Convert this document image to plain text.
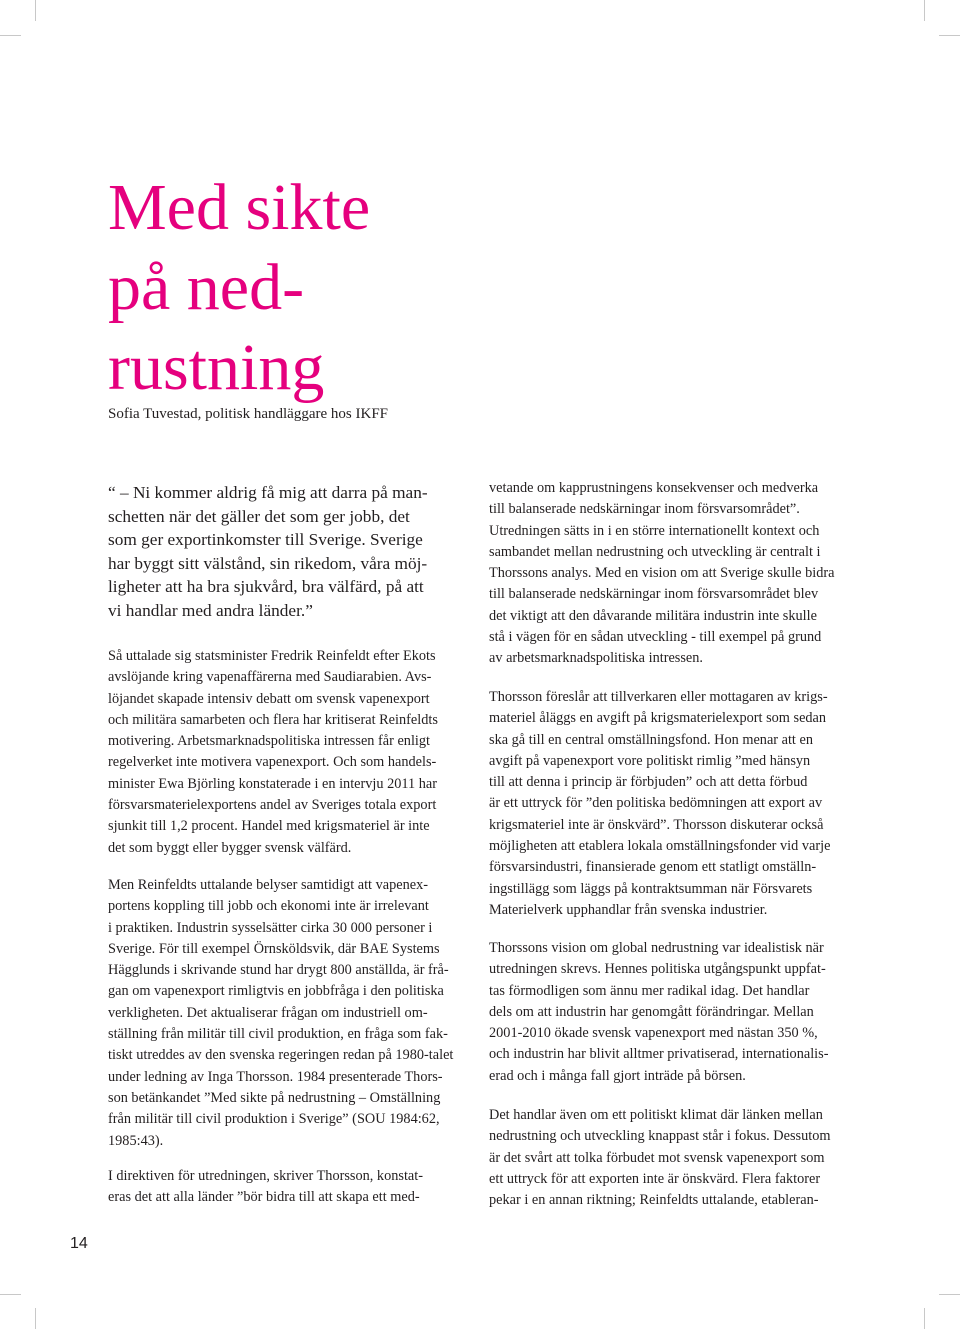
Med sikte
på ned-
rustning
Sofia Tuvestad, politisk handläggare hos IKFF
“ – Ni kommer aldrig få mig att darra på man-
schetten när det gäller det som ger jobb, det
som ger exportinkomster till Sverige. Sverige
har byggt sitt välstånd, sin rikedom, våra möj-
ligheter att ha bra sjukvård, bra välfärd, på att
vi handlar med andra länder.”
Så uttalade sig statsminister Fredrik Reinfeldt efter Ekots
avslöjande kring vapenaffärerna med Saudiarabien. Avs-
löjandet skapade intensiv debatt om svensk vapenexport
och militära samarbeten och flera har kritiserat Reinfeldts
motivering. Arbetsmarknadspolitiska intressen får enligt
regelverket inte motivera vapenexport. Och som handels-
minister Ewa Björling konstaterade i en intervju 2011 har
försvarsmaterielexportens andel av Sveriges totala export
sjunkit till 1,2 procent. Handel med krigsmateriel är inte
det som byggt eller bygger svensk välfärd.
Men Reinfeldts uttalande belyser samtidigt att vapenex-
portens koppling till jobb och ekonomi inte är irrelevant
i praktiken. Industrin sysselsätter cirka 30 000 personer i
Sverige. För till exempel Örnsköldsvik, där BAE Systems
Hägglunds i skrivande stund har drygt 800 anställda, är frå-
gan om vapenexport rimligtvis en jobbfråga i den politiska
verkligheten. Det aktualiserar frågan om industriell om-
ställning från militär till civil produktion, en fråga som fak-
tiskt utreddes av den svenska regeringen redan på 1980-talet
under ledning av Inga Thorsson. 1984 presenterade Thors-
son betänkandet ”Med sikte på nedrustning – Omställning
från militär till civil produktion i Sverige” (SOU 1984:62,
1985:43).
I direktiven för utredningen, skriver Thorsson, konstat-
eras det att alla länder ”bör bidra till att skapa ett med-
vetande om kapprustningens konsekvenser och medverka
till balanserade nedskärningar inom försvarsområdet”.
Utredningen sätts in i en större internationellt kontext och
sambandet mellan nedrustning och utveckling är centralt i
Thorssons analys. Med en vision om att Sverige skulle bidra
till balanserade nedskärningar inom försvarsområdet blev
det viktigt att den dåvarande militära industrin inte skulle
stå i vägen för en sådan utveckling - till exempel på grund
av arbetsmarknadspolitiska intressen.
Thorsson föreslår att tillverkaren eller mottagaren av krigs-
materiel åläggs en avgift på krigsmaterielexport som sedan
ska gå till en central omställningsfond. Hon menar att en
avgift på vapenexport vore politiskt rimlig ”med hänsyn
till att denna i princip är förbjuden” och att detta förbud
är ett uttryck för ”den politiska bedömningen att export av
krigsmateriel inte är önskvärd”. Thorsson diskuterar också
möjligheten att etablera lokala omställningsfonder vid varje
försvarsindustri, finansierade genom ett statligt omställn-
ingstillägg som läggs på kontraktsumman när Försvarets
Materielverk upphandlar från svenska industrier.
Thorssons vision om global nedrustning var idealistisk när
utredningen skrevs. Hennes politiska utgångspunkt uppfat-
tas förmodligen som ännu mer radikal idag. Det handlar
dels om att industrin har genomgått förändringar. Mellan
2001-2010 ökade svensk vapenexport med nästan 350 %,
och industrin har blivit alltmer privatiserad, internationalis-
erad och i många fall gjort inträde på börsen.
Det handlar även om ett politiskt klimat där länken mellan
nedrustning och utveckling knappast står i fokus. Dessutom
är det svårt att tolka förbudet mot svensk vapenexport som
ett uttryck för att exporten inte är önskvärd. Flera faktorer
pekar i en annan riktning; Reinfeldts uttalande, etableran-
14
